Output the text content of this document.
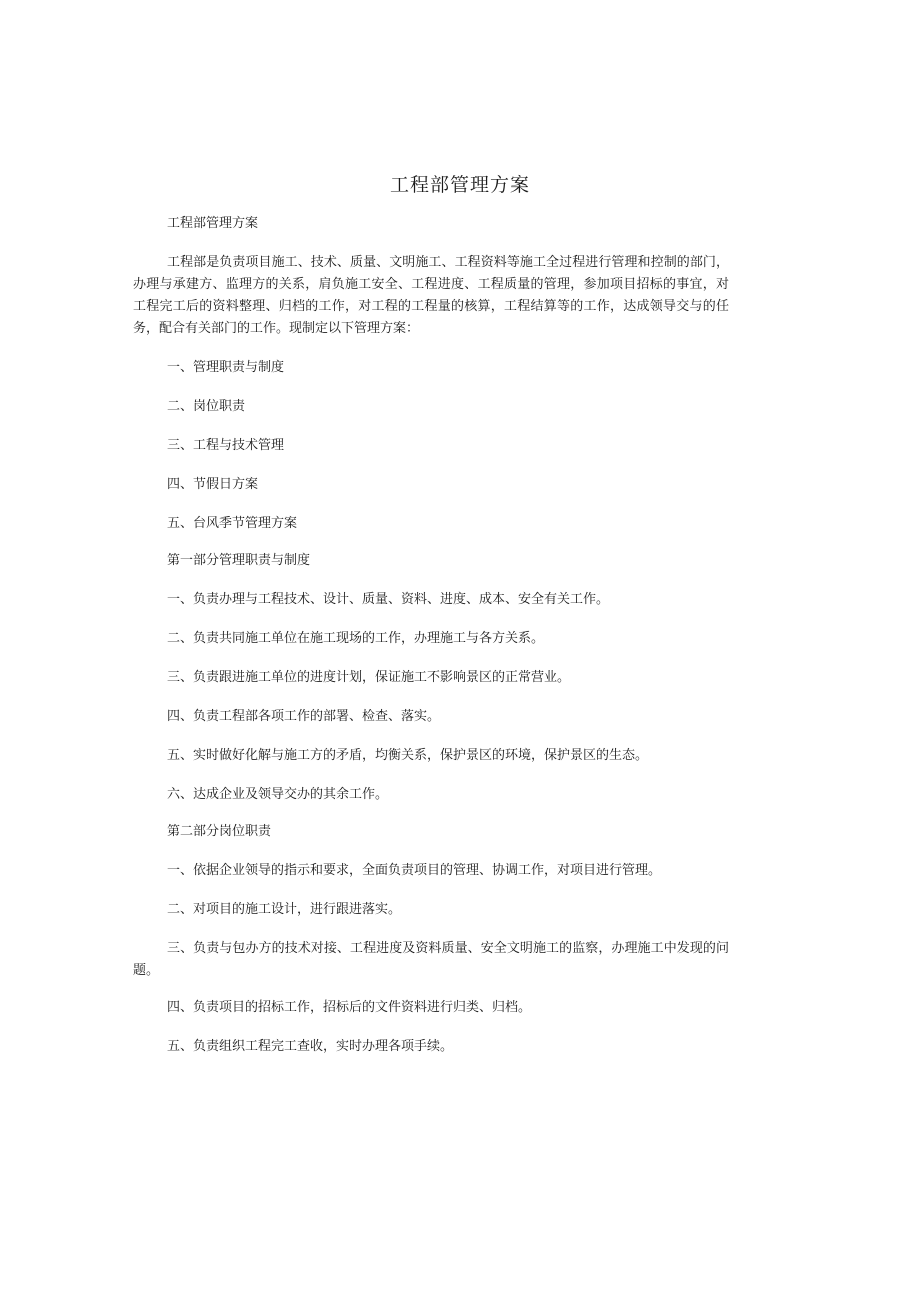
工程部管理方案

工程部管理方案

工程部是负责项目施工、技术、质量、文明施工、工程资料等施工全过程进行管理和控制的部门，办理与承建方、监理方的关系，肩负施工安全、工程进度、工程质量的管理，参加项目招标的事宜，对工程完工后的资料整理、归档的工作，对工程的工程量的核算，工程结算等的工作，达成领导交与的任务，配合有关部门的工作。现制定以下管理方案：

一、管理职责与制度

二、岗位职责

三、工程与技术管理

四、节假日方案

五、台风季节管理方案

第一部分管理职责与制度

一、负责办理与工程技术、设计、质量、资料、进度、成本、安全有关工作。

二、负责共同施工单位在施工现场的工作，办理施工与各方关系。

三、负责跟进施工单位的进度计划，保证施工不影响景区的正常营业。

四、负责工程部各项工作的部署、检查、落实。

五、实时做好化解与施工方的矛盾，均衡关系，保护景区的环境，保护景区的生态。

六、达成企业及领导交办的其余工作。

第二部分岗位职责

一、依据企业领导的指示和要求，全面负责项目的管理、协调工作，对项目进行管理。

二、对项目的施工设计，进行跟进落实。

三、负责与包办方的技术对接、工程进度及资料质量、安全文明施工的监察，办理施工中发现的问题。

四、负责项目的招标工作，招标后的文件资料进行归类、归档。

五、负责组织工程完工查收，实时办理各项手续。
